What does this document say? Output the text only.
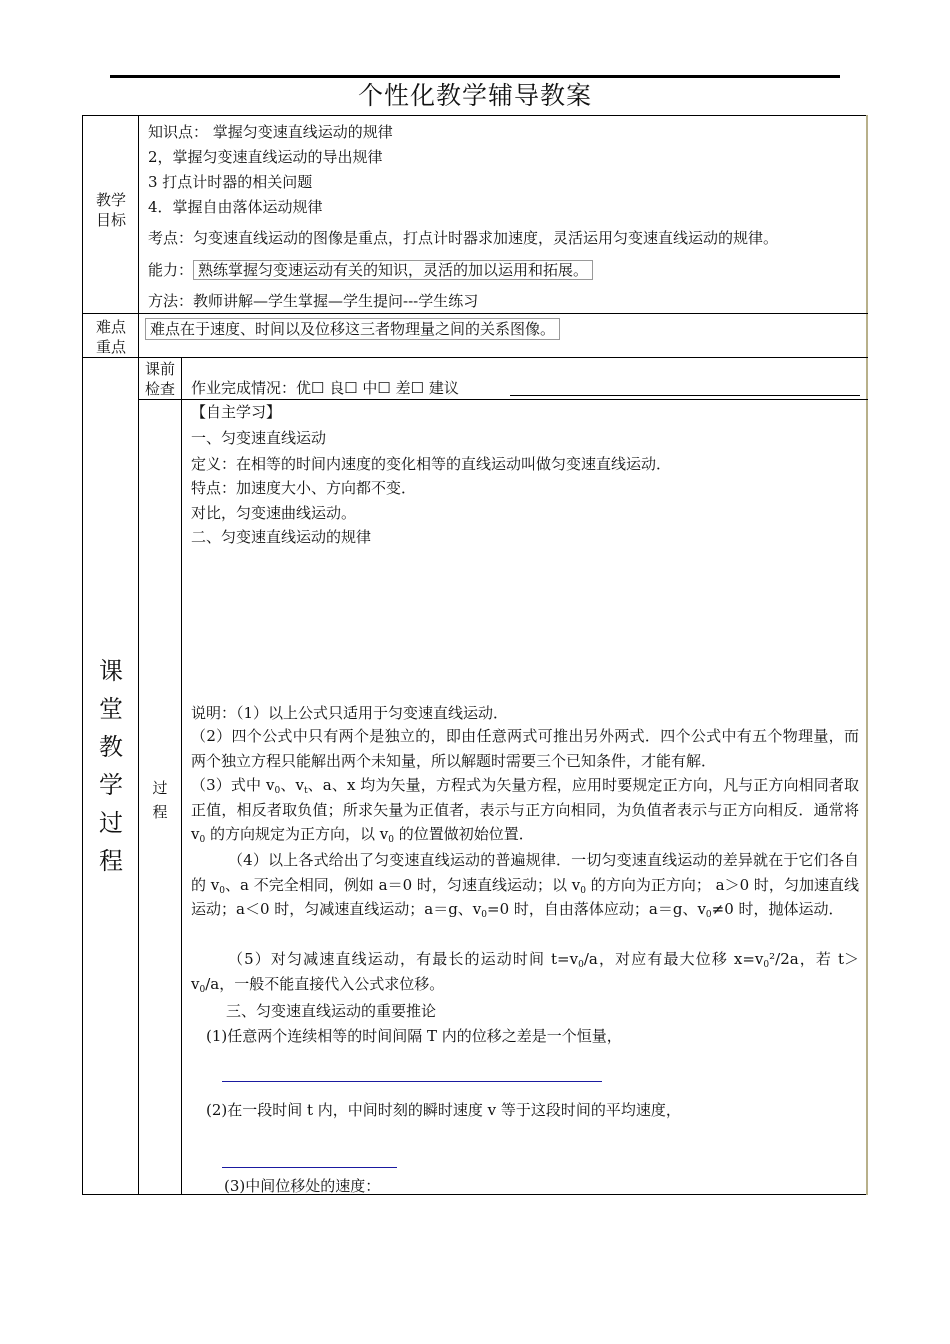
个性化教学辅导教案
教学
目标
知识点： 掌握匀变速直线运动的规律
2，掌握匀变速直线运动的导出规律
3 打点计时器的相关问题
4．掌握自由落体运动规律
考点：匀变速直线运动的图像是重点，打点计时器求加速度，灵活运用匀变速直线运动的规律。
能力： 熟练掌握匀变速运动有关的知识，灵活的加以运用和拓展。
方法：教师讲解—学生掌握—学生提问---学生练习
难点
重点
难点在于速度、时间以及位移这三者物理量之间的关系图像。
课
堂
教
学
过
程
课前
检查	作业完成情况：优☐ 良☐ 中☐ 差☐ 建议
过
程
【自主学习】
一、匀变速直线运动
定义：在相等的时间内速度的变化相等的直线运动叫做匀变速直线运动．
特点：加速度大小、方向都不变．
对比，匀变速曲线运动。
二、匀变速直线运动的规律
说明：（1）以上公式只适用于匀变速直线运动．
（2）四个公式中只有两个是独立的，即由任意两式可推出另外两式．四个公式中有五个物理量，而两个独立方程只能解出两个未知量，所以解题时需要三个已知条件，才能有解．
（3）式中 $v_0$、$v_t$、a、x 均为矢量，方程式为矢量方程，应用时要规定正方向，凡与正方向相同者取正值，相反者取负值；所求矢量为正值者，表示与正方向相同，为负值者表示与正方向相反．通常将 $v_0$ 的方向规定为正方向，以 $v_0$ 的位置做初始位置．
（4）以上各式给出了匀变速直线运动的普遍规律．一切匀变速直线运动的差异就在于它们各自的 $v_0$、a 不完全相同，例如 a＝0 时，匀速直线运动；以 $v_0$ 的方向为正方向； a＞0 时，匀加速直线运动；a＜0 时，匀减速直线运动；a＝g、$v_0=0$ 时，自由落体应动；a＝g、$v_0\ne 0$ 时，抛体运动．
（5）对匀减速直线运动，有最长的运动时间 $t=v_0/a$，对应有最大位移 $x=v_0^2/2a$，若 $t>v_0/a$，一般不能直接代入公式求位移。
三、匀变速直线运动的重要推论
(1)任意两个连续相等的时间间隔 T 内的位移之差是一个恒量，
(2)在一段时间 t 内，中间时刻的瞬时速度 v 等于这段时间的平均速度，
(3)中间位移处的速度：
